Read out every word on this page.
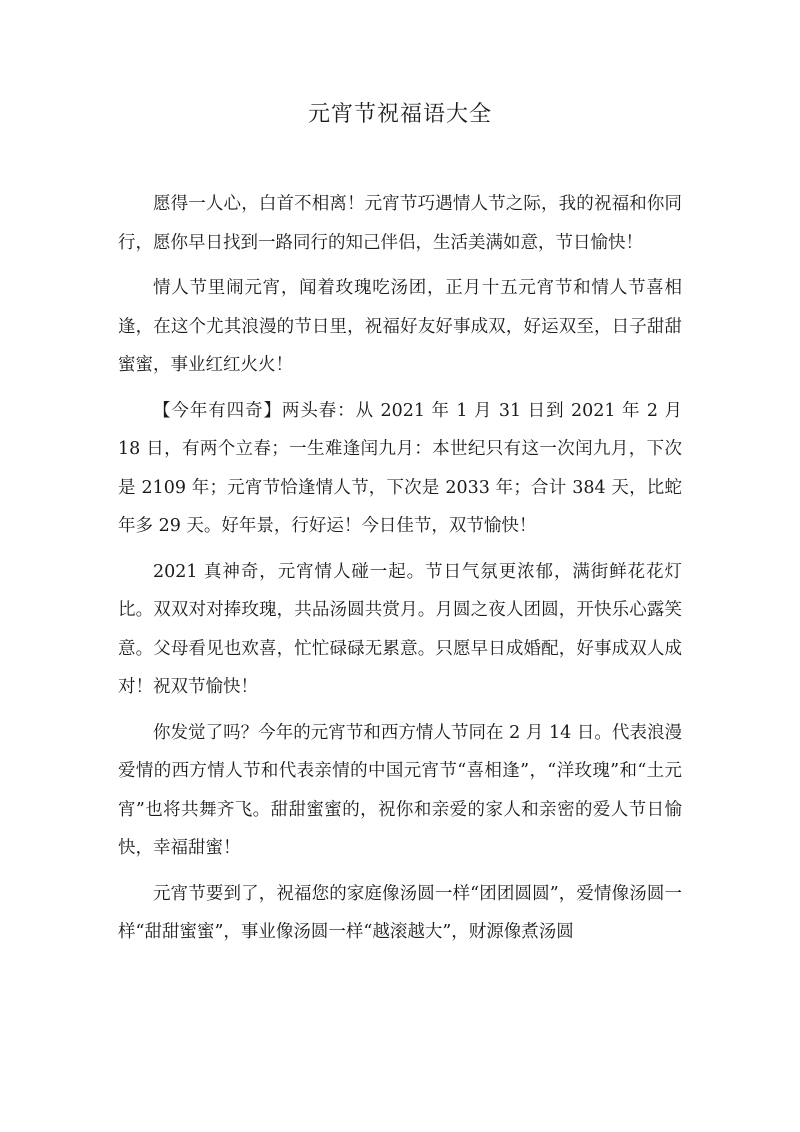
元宵节祝福语大全

愿得一人心，白首不相离！元宵节巧遇情人节之际，我的祝福和你同行，愿你早日找到一路同行的知己伴侣，生活美满如意，节日愉快！

情人节里闹元宵，闻着玫瑰吃汤团，正月十五元宵节和情人节喜相逢，在这个尤其浪漫的节日里，祝福好友好事成双，好运双至，日子甜甜蜜蜜，事业红红火火！

【今年有四奇】两头春：从 2021 年 1 月 31 日到 2021 年 2 月 18 日，有两个立春；一生难逢闰九月：本世纪只有这一次闰九月，下次是 2109 年；元宵节恰逢情人节，下次是 2033 年；合计 384 天，比蛇年多 29 天。好年景，行好运！今日佳节，双节愉快！

2021 真神奇，元宵情人碰一起。节日气氛更浓郁，满街鲜花花灯比。双双对对捧玫瑰，共品汤圆共赏月。月圆之夜人团圆，开快乐心露笑意。父母看见也欢喜，忙忙碌碌无累意。只愿早日成婚配，好事成双人成对！祝双节愉快！

你发觉了吗？今年的元宵节和西方情人节同在 2 月 14 日。代表浪漫爱情的西方情人节和代表亲情的中国元宵节“喜相逢”，“洋玫瑰”和“土元宵”也将共舞齐飞。甜甜蜜蜜的，祝你和亲爱的家人和亲密的爱人节日愉快，幸福甜蜜！

元宵节要到了，祝福您的家庭像汤圆一样“团团圆圆”，爱情像汤圆一样“甜甜蜜蜜”，事业像汤圆一样“越滚越大”，财源像煮汤圆
